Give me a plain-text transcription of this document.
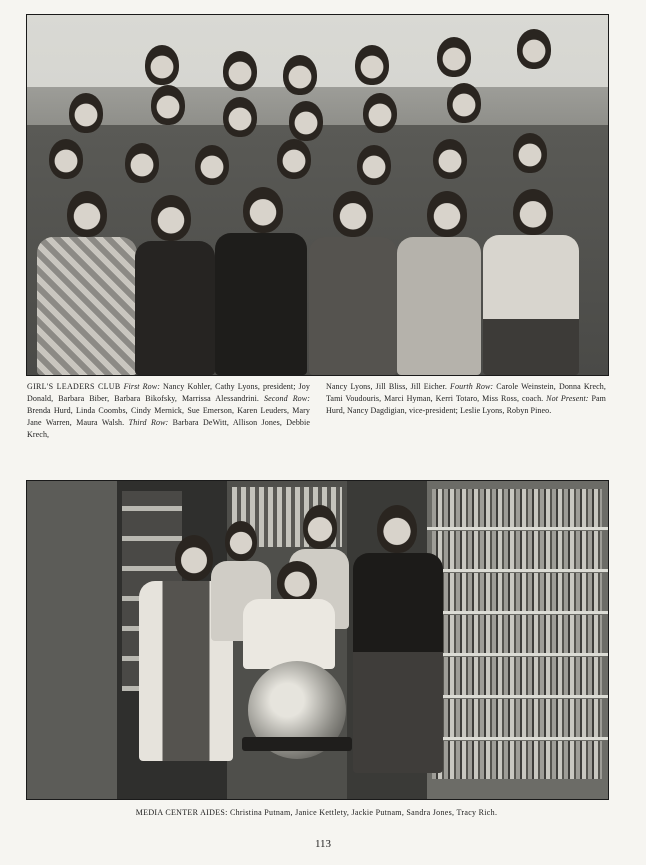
GIRL'S LEADERS CLUB First Row: Nancy Kohler, Cathy Lyons, president; Joy Donald, Barbara Biber, Barbara Bikofsky, Marrissa Alessandrini. Second Row: Brenda Hurd, Linda Coombs, Cindy Mernick, Sue Emerson, Karen Leuders, Mary Jane Warren, Maura Walsh. Third Row: Barbara DeWitt, Allison Jones, Debbie Krech,
Nancy Lyons, Jill Bliss, Jill Eicher. Fourth Row: Carole Weinstein, Donna Krech, Tami Voudouris, Marci Hyman, Kerri Totaro, Miss Ross, coach. Not Present: Pam Hurd, Nancy Dagdigian, vice-president; Leslie Lyons, Robyn Pineo.
MEDIA CENTER AIDES: Christina Putnam, Janice Kettlety, Jackie Putnam, Sandra Jones, Tracy Rich.
113
